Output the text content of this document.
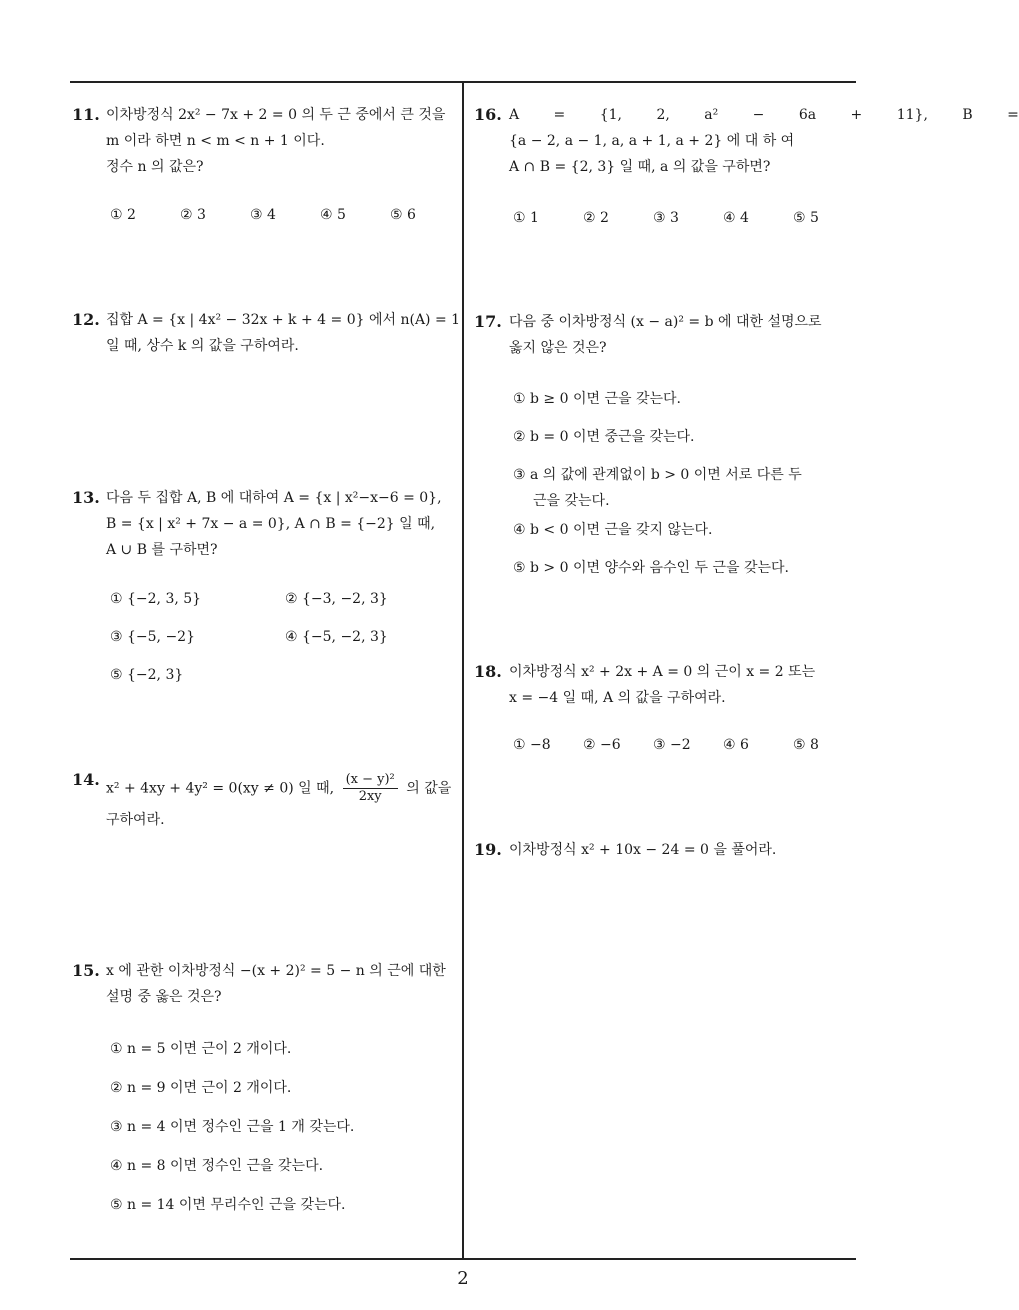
11. 이차방정식 2x² − 7x + 2 = 0 의 두 근 중에서 큰 것을
m 이라 하면 n < m < n + 1 이다.
정수 n 의 값은?
① 2	② 3	③ 4	④ 5	⑤ 6
12. 집합 A = {x | 4x² − 32x + k + 4 = 0} 에서 n(A) = 1
일 때, 상수 k 의 값을 구하여라.
13. 다음 두 집합 A, B 에 대하여 A = {x | x²−x−6 = 0},
B = {x | x² + 7x − a = 0}, A ∩ B = {−2} 일 때,
A ∪ B 를 구하면?
① {−2, 3, 5}	② {−3, −2, 3}
③ {−5, −2}	④ {−5, −2, 3}
⑤ {−2, 3}
14. x² + 4xy + 4y² = 0(xy ≠ 0) 일 때, $\frac{\text{(x − y)²}}{2xy}$ 의 값을
구하여라.
15. x 에 관한 이차방정식 −(x + 2)² = 5 − n 의 근에 대한
설명 중 옳은 것은?
① n = 5 이면 근이 2 개이다.
② n = 9 이면 근이 2 개이다.
③ n = 4 이면 정수인 근을 1 개 갖는다.
④ n = 8 이면 정수인 근을 갖는다.
⑤ n = 14 이면 무리수인 근을 갖는다.
16. A = {1, 2, a² − 6a + 11}, B =
{a − 2, a − 1, a, a + 1, a + 2} 에 대 하 여
A ∩ B = {2, 3} 일 때, a 의 값을 구하면?
① 1	② 2	③ 3	④ 4	⑤ 5
17. 다음 중 이차방정식 (x − a)² = b 에 대한 설명으로
옳지 않은 것은?
① b ≥ 0 이면 근을 갖는다.
② b = 0 이면 중근을 갖는다.
③ a 의 값에 관계없이 b > 0 이면 서로 다른 두
근을 갖는다.
④ b < 0 이면 근을 갖지 않는다.
⑤ b > 0 이면 양수와 음수인 두 근을 갖는다.
18. 이차방정식 x² + 2x + A = 0 의 근이 x = 2 또는
x = −4 일 때, A 의 값을 구하여라.
① −8 ② −6 ③ −2 ④ 6	⑤ 8
19. 이차방정식 x² + 10x − 24 = 0 을 풀어라.
2
